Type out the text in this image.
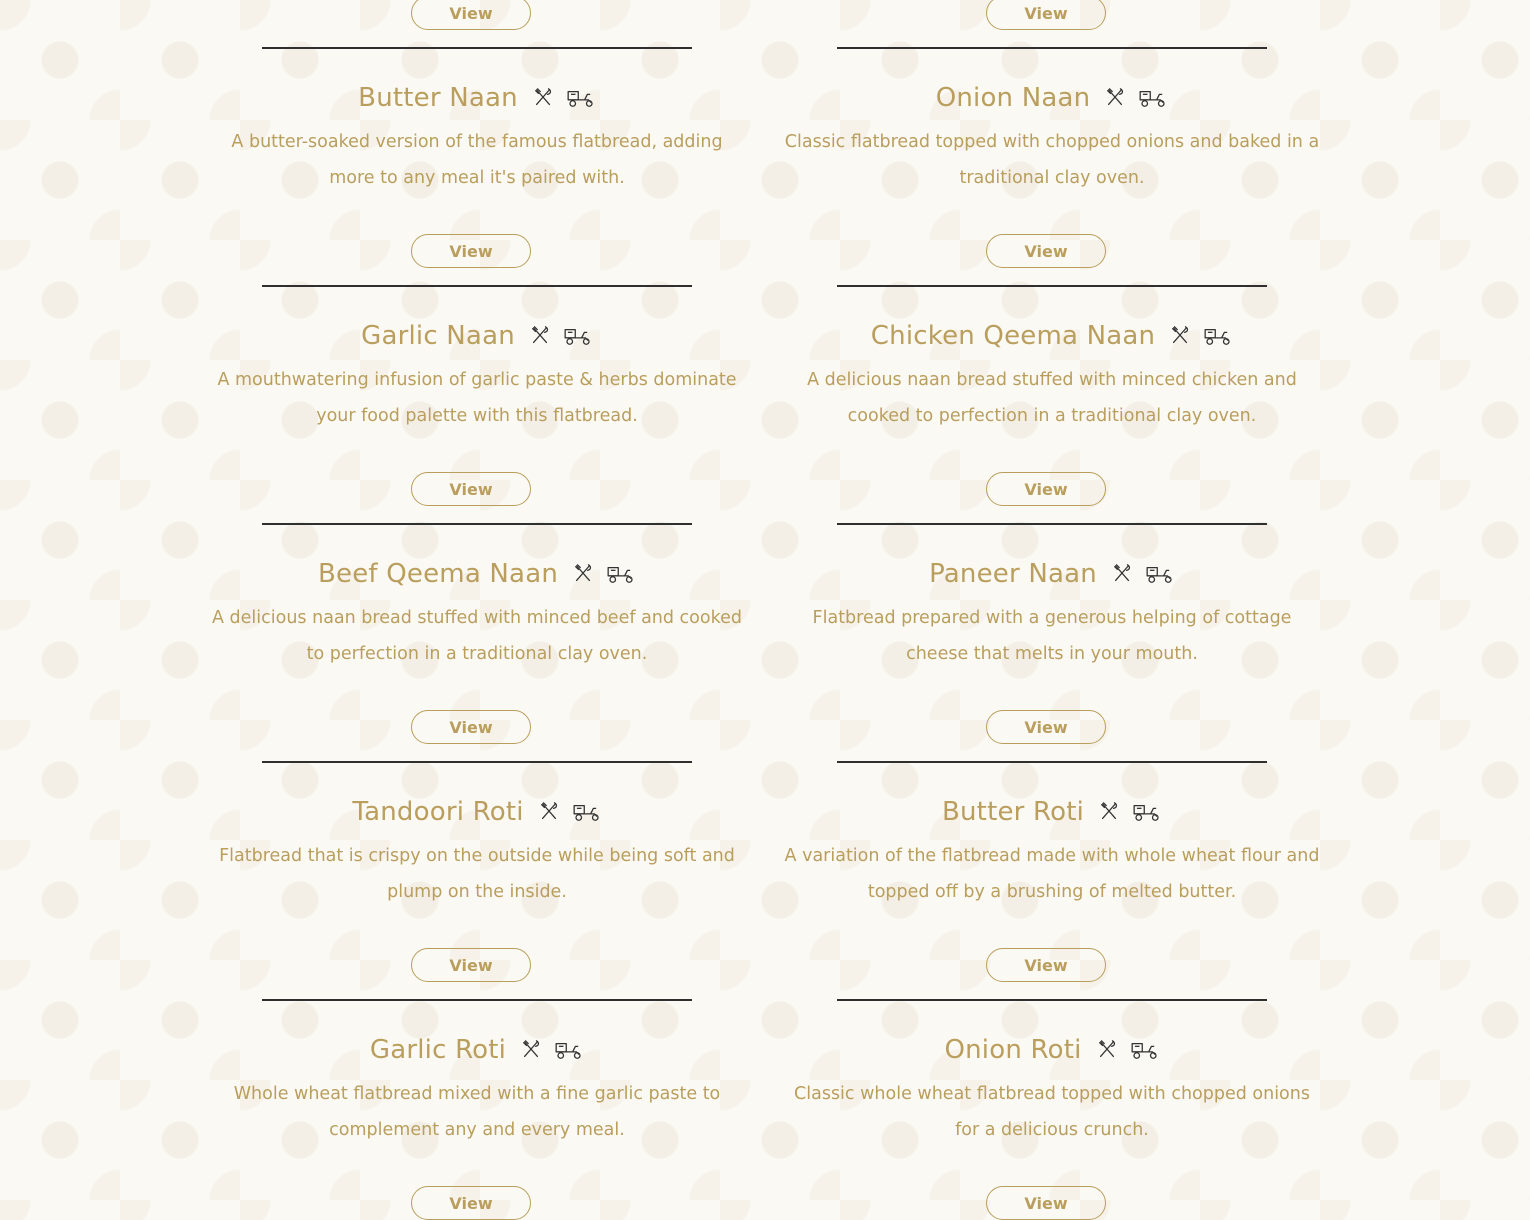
View	View
Butter Naan
A butter-soaked version of the famous flatbread, adding more to any meal it's paired with.
View
Onion Naan
Classic flatbread topped with chopped onions and baked in a traditional clay oven.
View
Garlic Naan
A mouthwatering infusion of garlic paste & herbs dominate your food palette with this flatbread.
View
Chicken Qeema Naan
A delicious naan bread stuffed with minced chicken and cooked to perfection in a traditional clay oven.
View
Beef Qeema Naan
A delicious naan bread stuffed with minced beef and cooked to perfection in a traditional clay oven.
View
Paneer Naan
Flatbread prepared with a generous helping of cottage cheese that melts in your mouth.
View
Tandoori Roti
Flatbread that is crispy on the outside while being soft and plump on the inside.
View
Butter Roti
A variation of the flatbread made with whole wheat flour and topped off by a brushing of melted butter.
View
Garlic Roti
Whole wheat flatbread mixed with a fine garlic paste to complement any and every meal.
View
Onion Roti
Classic whole wheat flatbread topped with chopped onions for a delicious crunch.
View
